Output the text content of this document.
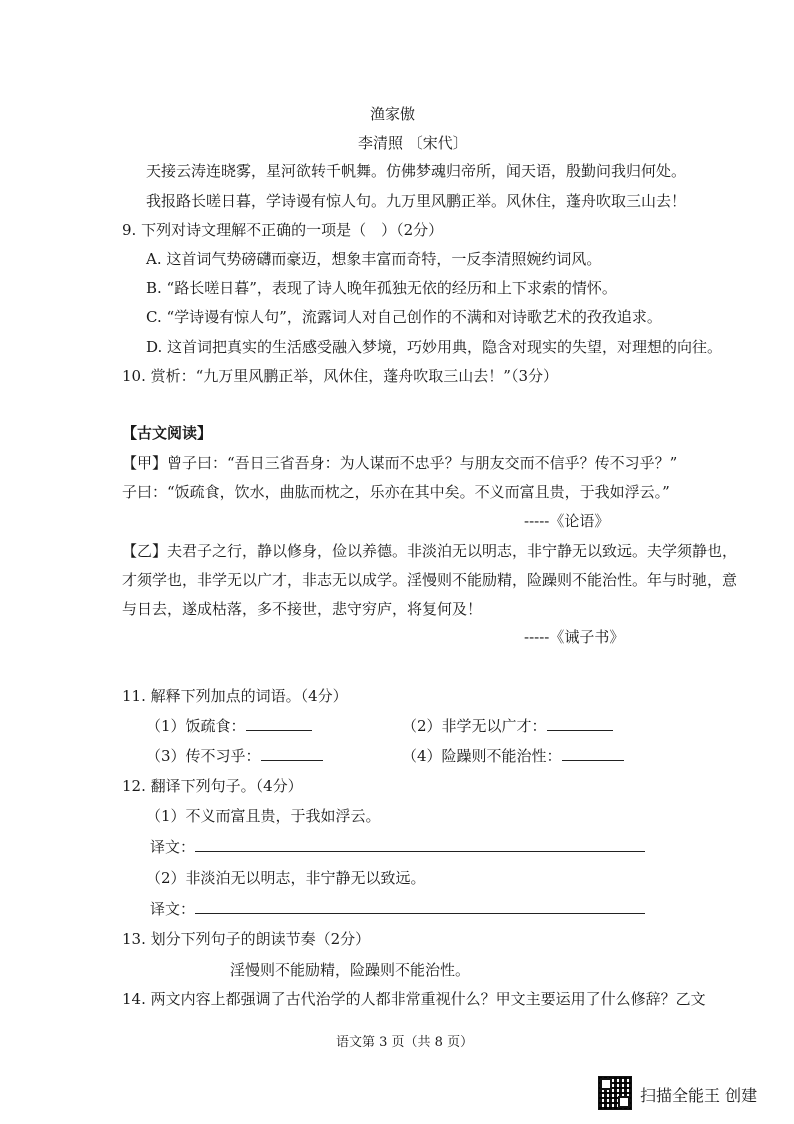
渔家傲
李清照 〔宋代〕
天接云涛连晓雾，星河欲转千帆舞。仿佛梦魂归帝所，闻天语，殷勤问我归何处。
我报路长嗟日暮，学诗谩有惊人句。九万里风鹏正举。风休住，蓬舟吹取三山去！
9. 下列对诗文理解不正确的一项是（　）（2分）
A. 这首词气势磅礴而豪迈，想象丰富而奇特，一反李清照婉约词风。
B. “路长嗟日暮”，表现了诗人晚年孤独无依的经历和上下求索的情怀。
C. “学诗谩有惊人句”，流露词人对自己创作的不满和对诗歌艺术的孜孜追求。
D. 这首词把真实的生活感受融入梦境，巧妙用典，隐含对现实的失望，对理想的向往。
10. 赏析：“九万里风鹏正举，风休住，蓬舟吹取三山去！”（3分）
【古文阅读】
【甲】曾子曰：“吾日三省吾身：为人谋而不忠乎？与朋友交而不信乎？传不习乎？”
子曰：“饭疏食，饮水，曲肱而枕之，乐亦在其中矣。不义而富且贵，于我如浮云。”
-----《论语》
【乙】夫君子之行，静以修身，俭以养德。非淡泊无以明志，非宁静无以致远。夫学须静也，
才须学也，非学无以广才，非志无以成学。淫慢则不能励精，险躁则不能治性。年与时驰，意
与日去，遂成枯落，多不接世，悲守穷庐，将复何及！
-----《诫子书》
11. 解释下列加点的词语。（4分）
（1）饭疏食：	（2）非学无以广才：
（3）传不习乎：	（4）险躁则不能治性：
12. 翻译下列句子。（4分）
（1）不义而富且贵，于我如浮云。
译文：
（2）非淡泊无以明志，非宁静无以致远。
译文：
13. 划分下列句子的朗读节奏（2分）
淫慢则不能励精，险躁则不能治性。
14. 两文内容上都强调了古代治学的人都非常重视什么？甲文主要运用了什么修辞？乙文
语文第 3 页（共 8 页）
扫描全能王 创建
